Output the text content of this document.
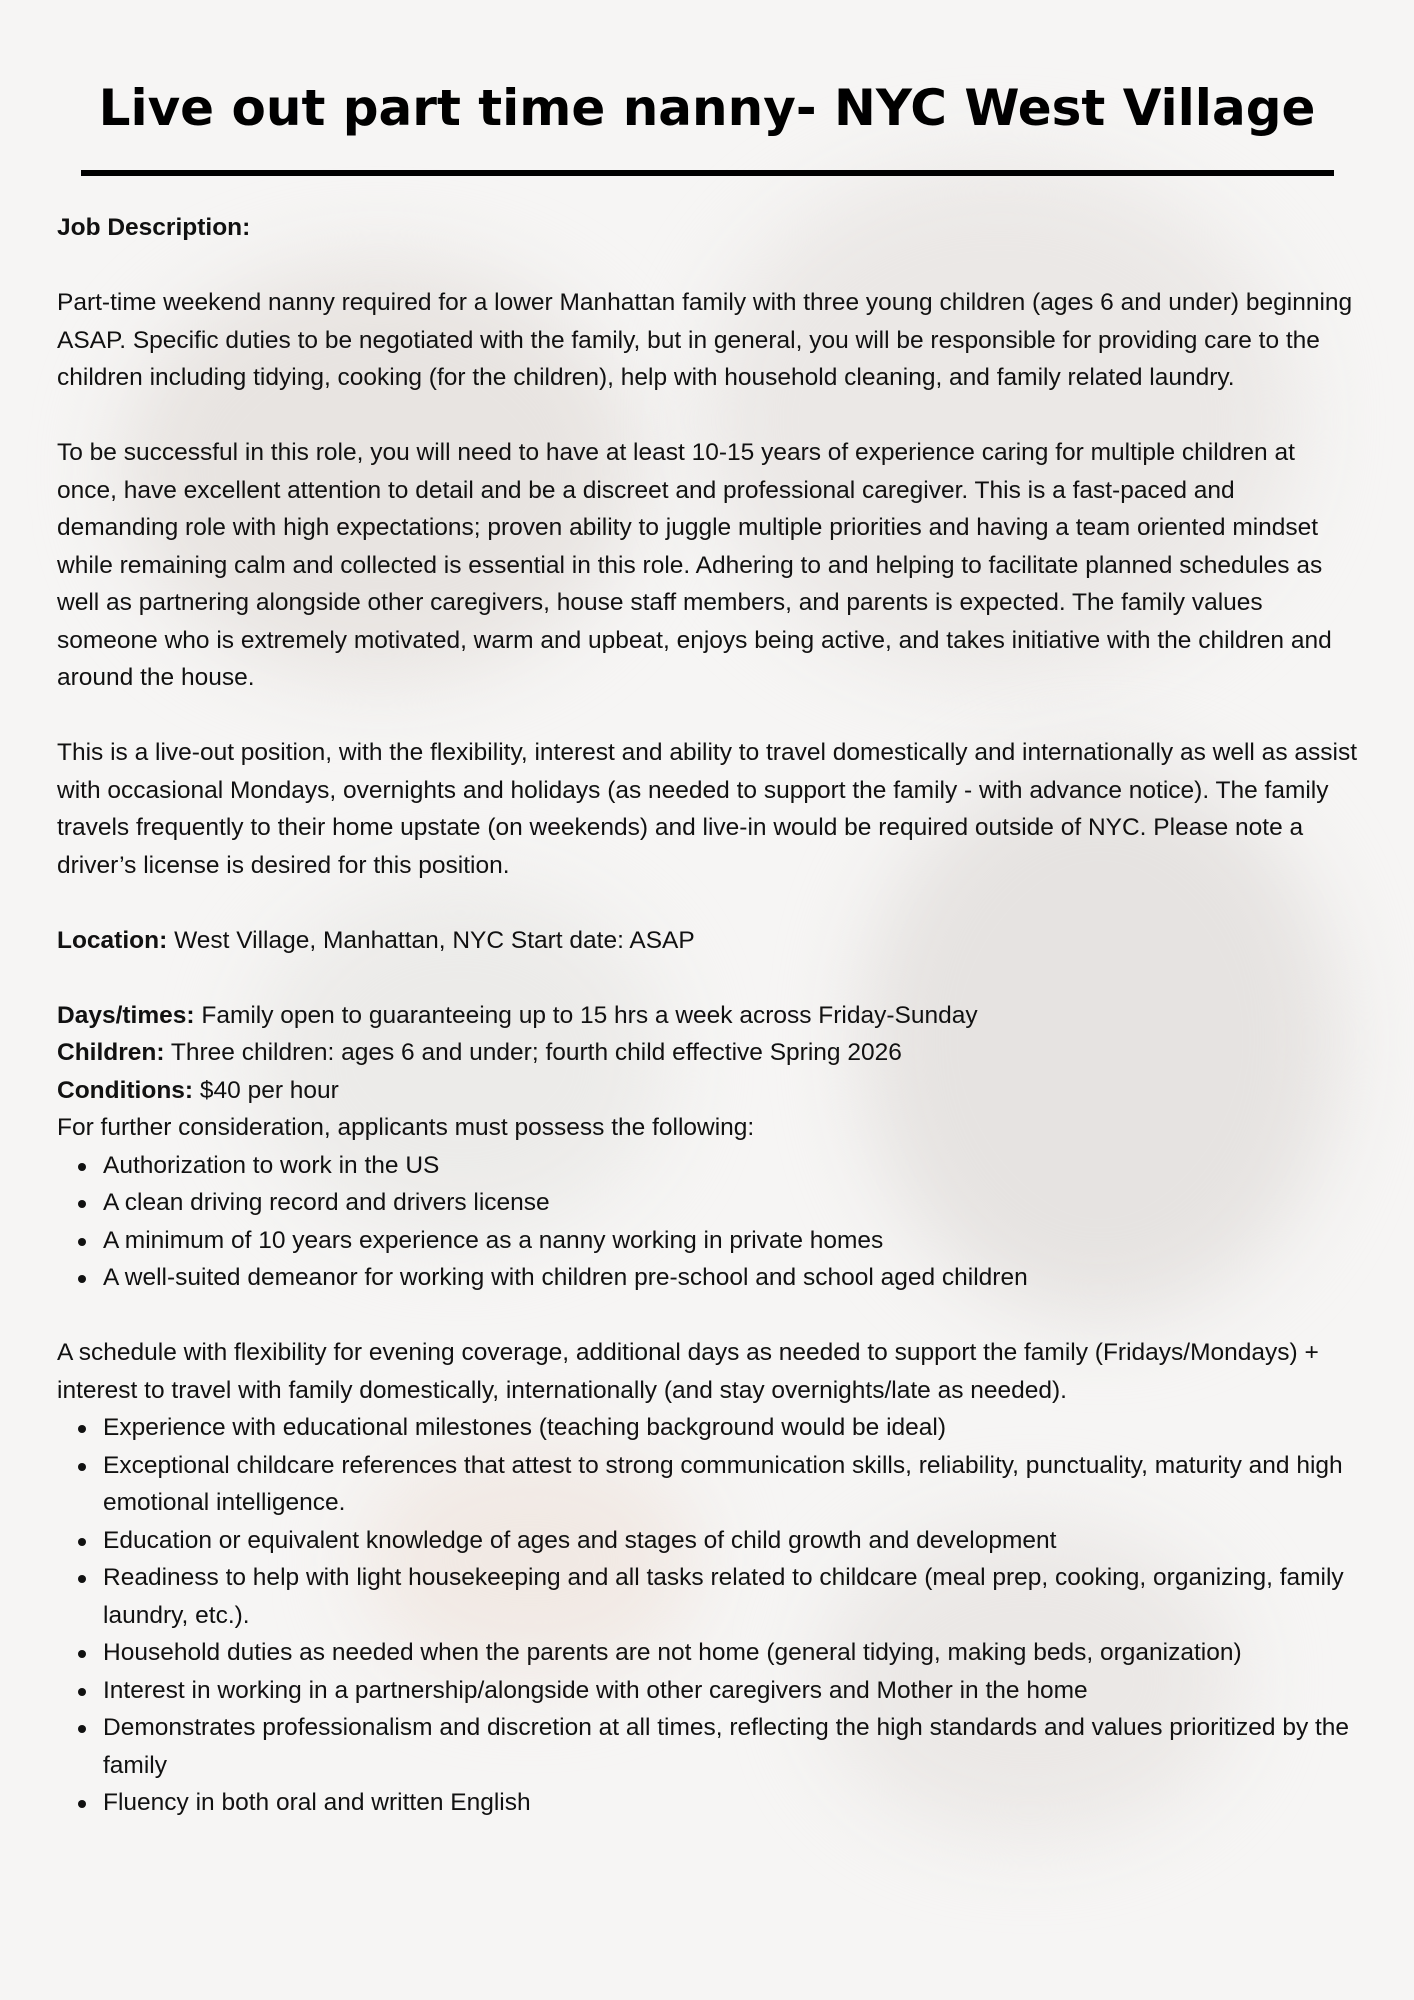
Live out part time nanny- NYC West Village

Job Description:

Part-time weekend nanny required for a lower Manhattan family with three young children (ages 6 and under) beginning ASAP. Specific duties to be negotiated with the family, but in general, you will be responsible for providing care to the children including tidying, cooking (for the children), help with household cleaning, and family related laundry.

To be successful in this role, you will need to have at least 10-15 years of experience caring for multiple children at once, have excellent attention to detail and be a discreet and professional caregiver. This is a fast-paced and demanding role with high expectations; proven ability to juggle multiple priorities and having a team oriented mindset while remaining calm and collected is essential in this role. Adhering to and helping to facilitate planned schedules as well as partnering alongside other caregivers, house staff members, and parents is expected. The family values someone who is extremely motivated, warm and upbeat, enjoys being active, and takes initiative with the children and around the house.

This is a live-out position, with the flexibility, interest and ability to travel domestically and internationally as well as assist with occasional Mondays, overnights and holidays (as needed to support the family - with advance notice). The family travels frequently to their home upstate (on weekends) and live-in would be required outside of NYC. Please note a driver’s license is desired for this position.

Location: West Village, Manhattan, NYC Start date: ASAP

Days/times: Family open to guaranteeing up to 15 hrs a week across Friday-Sunday

Children: Three children: ages 6 and under; fourth child effective Spring 2026

Conditions: $40 per hour

For further consideration, applicants must possess the following:

Authorization to work in the US
A clean driving record and drivers license
A minimum of 10 years experience as a nanny working in private homes
A well-suited demeanor for working with children pre-school and school aged children

A schedule with flexibility for evening coverage, additional days as needed to support the family (Fridays/Mondays) + interest to travel with family domestically, internationally (and stay overnights/late as needed).

Experience with educational milestones (teaching background would be ideal)
Exceptional childcare references that attest to strong communication skills, reliability, punctuality, maturity and high emotional intelligence.
Education or equivalent knowledge of ages and stages of child growth and development
Readiness to help with light housekeeping and all tasks related to childcare (meal prep, cooking, organizing, family laundry, etc.).
Household duties as needed when the parents are not home (general tidying, making beds, organization)
Interest in working in a partnership/alongside with other caregivers and Mother in the home
Demonstrates professionalism and discretion at all times, reflecting the high standards and values prioritized by the family
Fluency in both oral and written English
